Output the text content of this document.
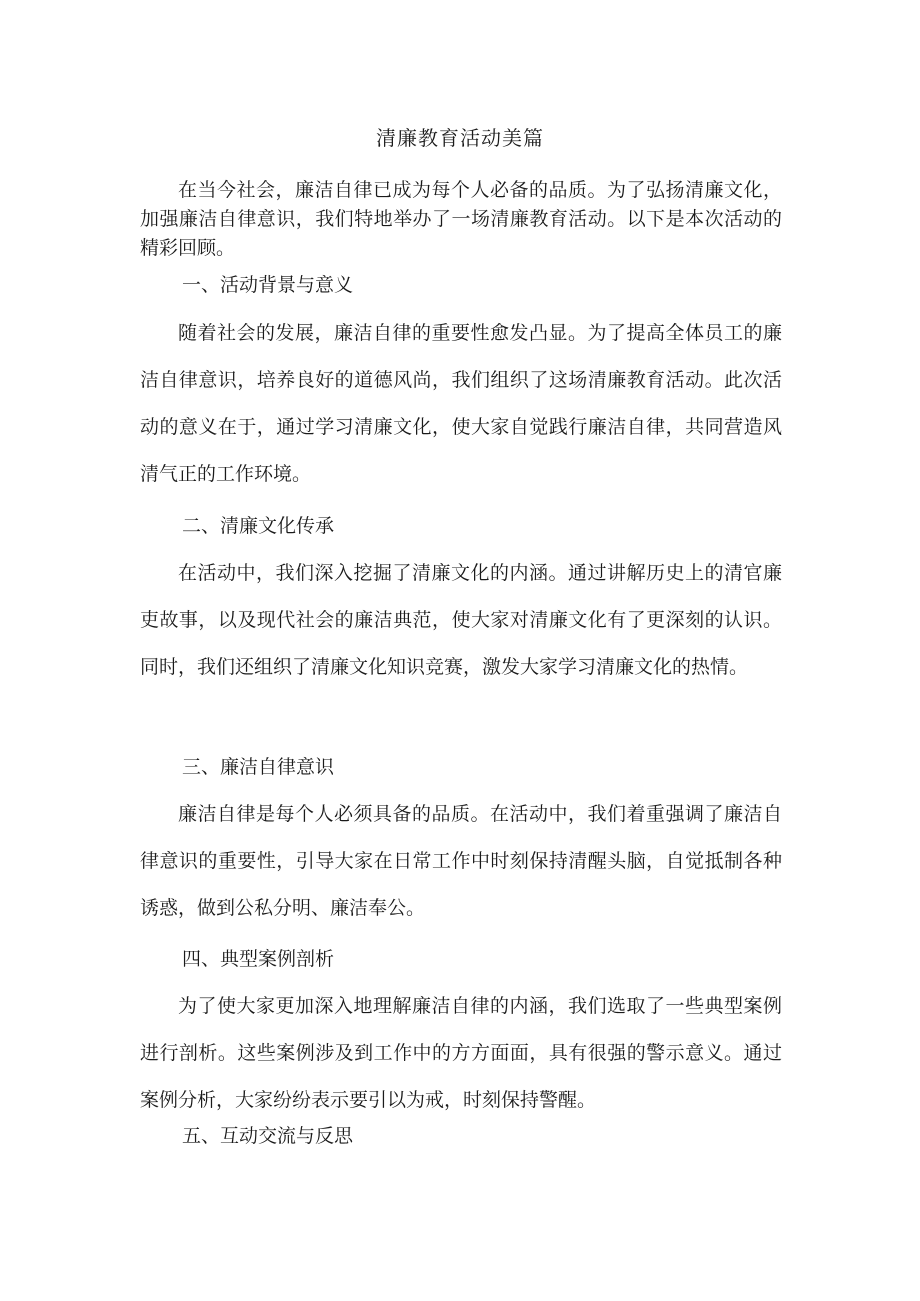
清廉教育活动美篇

在当今社会，廉洁自律已成为每个人必备的品质。为了弘扬清廉文化，加强廉洁自律意识，我们特地举办了一场清廉教育活动。以下是本次活动的精彩回顾。

一、活动背景与意义

随着社会的发展，廉洁自律的重要性愈发凸显。为了提高全体员工的廉洁自律意识，培养良好的道德风尚，我们组织了这场清廉教育活动。此次活动的意义在于，通过学习清廉文化，使大家自觉践行廉洁自律，共同营造风清气正的工作环境。

二、清廉文化传承

在活动中，我们深入挖掘了清廉文化的内涵。通过讲解历史上的清官廉吏故事，以及现代社会的廉洁典范，使大家对清廉文化有了更深刻的认识。同时，我们还组织了清廉文化知识竞赛，激发大家学习清廉文化的热情。

三、廉洁自律意识

廉洁自律是每个人必须具备的品质。在活动中，我们着重强调了廉洁自律意识的重要性，引导大家在日常工作中时刻保持清醒头脑，自觉抵制各种诱惑，做到公私分明、廉洁奉公。

四、典型案例剖析

为了使大家更加深入地理解廉洁自律的内涵，我们选取了一些典型案例进行剖析。这些案例涉及到工作中的方方面面，具有很强的警示意义。通过案例分析，大家纷纷表示要引以为戒，时刻保持警醒。

五、互动交流与反思
